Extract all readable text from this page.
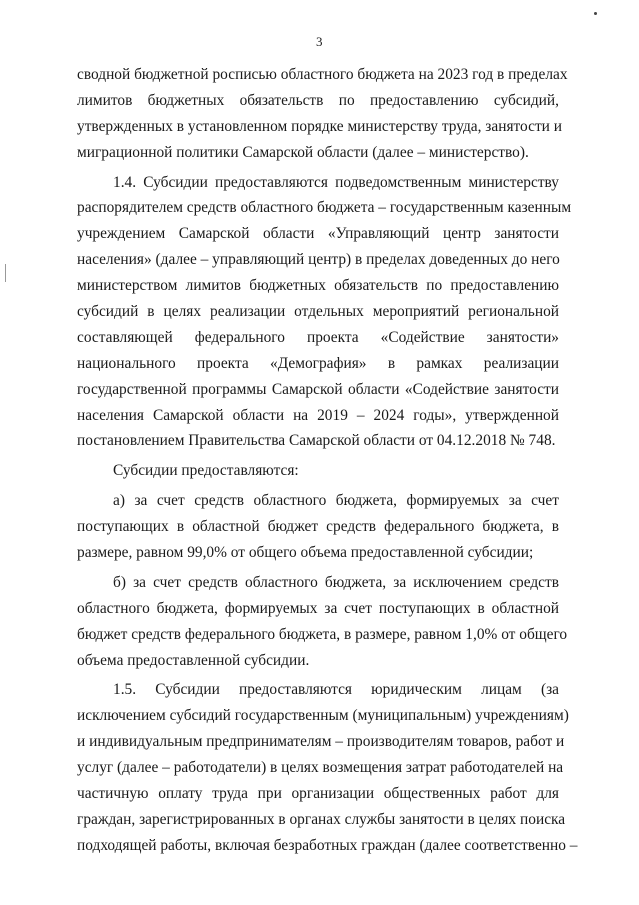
3
сводной бюджетной росписью областного бюджета на 2023 год в пределах
лимитов бюджетных обязательств по предоставлению субсидий,
утвержденных в установленном порядке министерству труда, занятости и
миграционной политики Самарской области (далее – министерство).
1.4. Субсидии предоставляются подведомственным министерству
распорядителем средств областного бюджета – государственным казенным
учреждением Самарской области «Управляющий центр занятости
населения» (далее – управляющий центр) в пределах доведенных до него
министерством лимитов бюджетных обязательств по предоставлению
субсидий в целях реализации отдельных мероприятий региональной
составляющей федерального проекта «Содействие занятости»
национального проекта «Демография» в рамках реализации
государственной программы Самарской области «Содействие занятости
населения Самарской области на 2019 – 2024 годы», утвержденной
постановлением Правительства Самарской области от 04.12.2018 № 748.
Субсидии предоставляются:
а) за счет средств областного бюджета, формируемых за счет
поступающих в областной бюджет средств федерального бюджета, в
размере, равном 99,0% от общего объема предоставленной субсидии;
б) за счет средств областного бюджета, за исключением средств
областного бюджета, формируемых за счет поступающих в областной
бюджет средств федерального бюджета, в размере, равном 1,0% от общего
объема предоставленной субсидии.
1.5. Субсидии предоставляются юридическим лицам (за
исключением субсидий государственным (муниципальным) учреждениям)
и индивидуальным предпринимателям – производителям товаров, работ и
услуг (далее – работодатели) в целях возмещения затрат работодателей на
частичную оплату труда при организации общественных работ для
граждан, зарегистрированных в органах службы занятости в целях поиска
подходящей работы, включая безработных граждан (далее соответственно –
